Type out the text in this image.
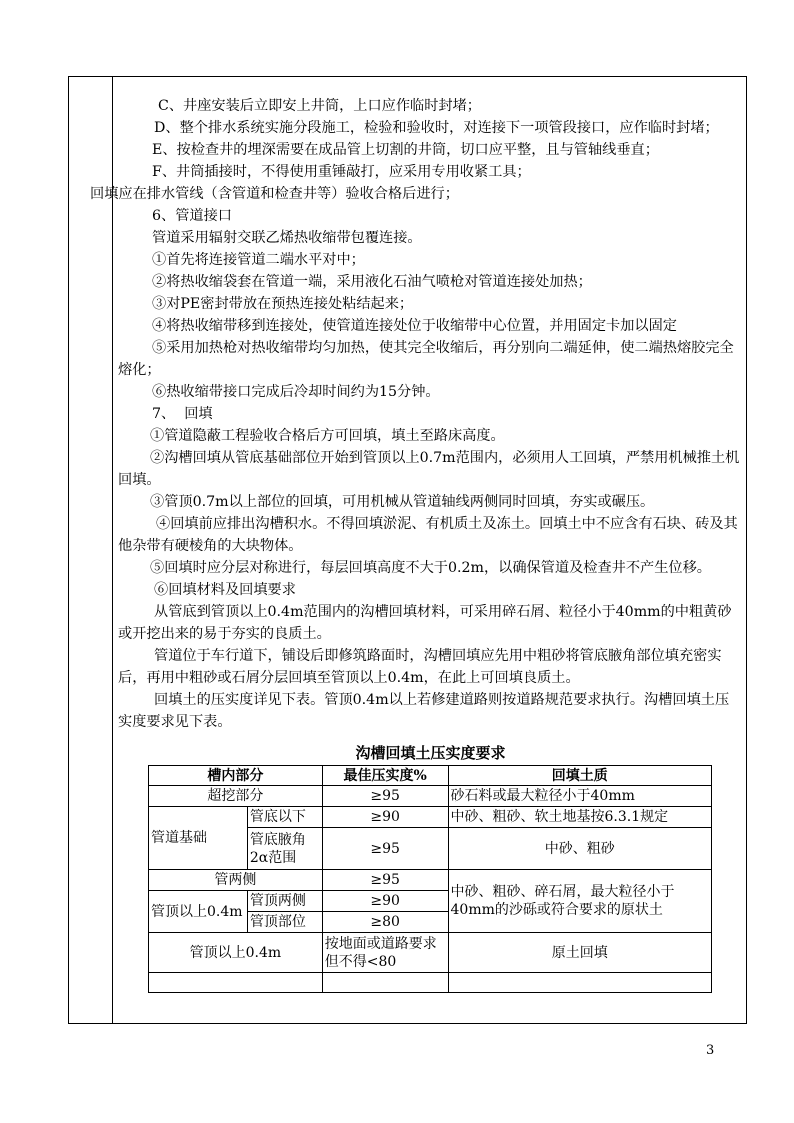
C、井座安装后立即安上井筒，上口应作临时封堵；

D、整个排水系统实施分段施工，检验和验收时，对连接下一项管段接口，应作临时封堵；

E、按检查井的埋深需要在成品管上切割的井筒，切口应平整，且与管轴线垂直；

F、井筒插接时，不得使用重锤敲打，应采用专用收紧工具；

回填应在排水管线（含管道和检查井等）验收合格后进行；

6、管道接口

管道采用辐射交联乙烯热收缩带包覆连接。

①首先将连接管道二端水平对中；

②将热收缩袋套在管道一端，采用液化石油气喷枪对管道连接处加热；

③对PE密封带放在预热连接处粘结起来；

④将热收缩带移到连接处，使管道连接处位于收缩带中心位置，并用固定卡加以固定

⑤采用加热枪对热收缩带均匀加热，使其完全收缩后，再分别向二端延伸，使二端热熔胶完全熔化；

⑥热收缩带接口完成后冷却时间约为15分钟。

7、  回填

①管道隐蔽工程验收合格后方可回填，填土至路床高度。

②沟槽回填从管底基础部位开始到管顶以上0.7m范围内，必须用人工回填，严禁用机械推土机回填。

③管顶0.7m以上部位的回填，可用机械从管道轴线两侧同时回填，夯实或碾压。

④回填前应排出沟槽积水。不得回填淤泥、有机质土及冻土。回填土中不应含有石块、砖及其他杂带有硬棱角的大块物体。

⑤回填时应分层对称进行，每层回填高度不大于0.2m，以确保管道及检查井不产生位移。

⑥回填材料及回填要求

从管底到管顶以上0.4m范围内的沟槽回填材料，可采用碎石屑、粒径小于40mm的中粗黄砂或开挖出来的易于夯实的良质土。

管道位于车行道下，铺设后即修筑路面时，沟槽回填应先用中粗砂将管底腋角部位填充密实后，再用中粗砂或石屑分层回填至管顶以上0.4m，在此上可回填良质土。

回填土的压实度详见下表。管顶0.4m以上若修建道路则按道路规范要求执行。沟槽回填土压实度要求见下表。

沟槽回填土压实度要求
槽内部分		最佳压实度%	回填土质
超挖部分		≥95	砂石料或最大粒径小于40mm
管道基础	管底以下	≥90	中砂、粗砂、软土地基按6.3.1规定
	管底腋角2α范围	≥95	中砂、粗砂
管两侧		≥95	中砂、粗砂、碎石屑，最大粒径小于40mm的沙砾或符合要求的原状土
管顶以上0.4m	管顶两侧	≥90	
	管顶部位	≥80	
管顶以上0.4m		按地面或道路要求但不得<80	原土回填

3
